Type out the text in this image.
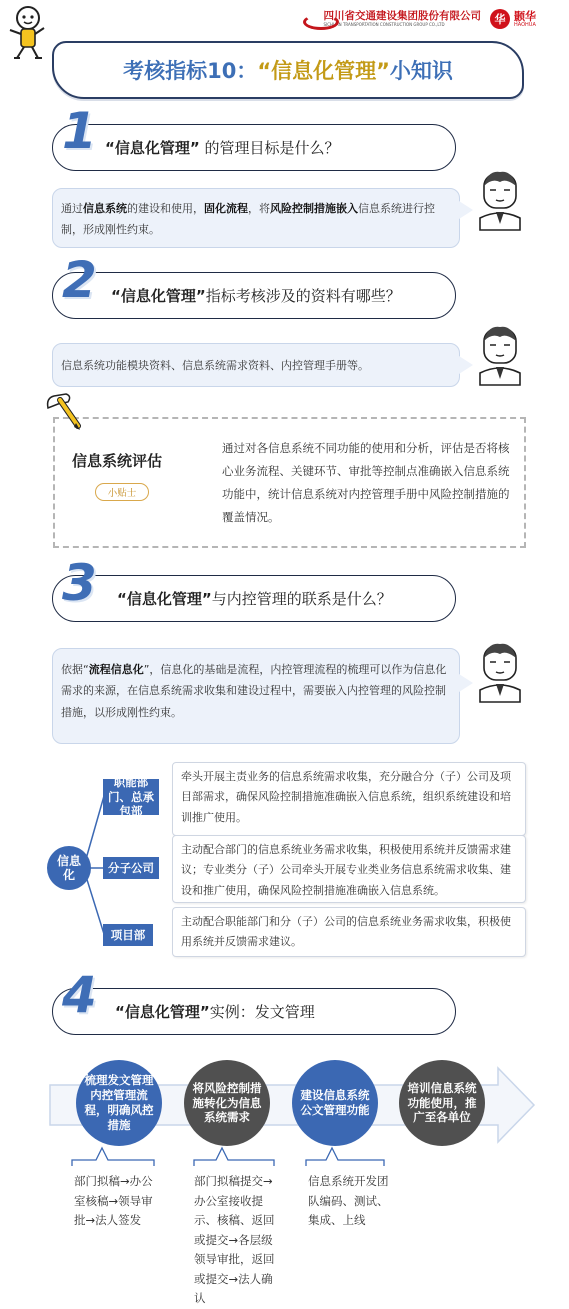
四川省交通建设集团股份有限公司
SICHUAN TRANSPORTATION CONSTRUCTION GROUP CO.,LTD	华 颢华
HAOHUA
考核指标10： “信息化管理” 小知识
“信息化管理” 的管理目标是什么？
1
通过信息系统的建设和使用，固化流程，将风险控制措施嵌入信息系统进行控制，形成刚性约束。
“信息化管理”指标考核涉及的资料有哪些？
2
信息系统功能模块资料、信息系统需求资料、内控管理手册等。
信息系统评估
小贴士
通过对各信息系统不同功能的使用和分析，评估是否将核心业务流程、关键环节、审批等控制点准确嵌入信息系统功能中，统计信息系统对内控管理手册中风险控制措施的覆盖情况。
“信息化管理”与内控管理的联系是什么？
3
依据“流程信息化”，信息化的基础是流程，内控管理流程的梳理可以作为信息化需求的来源，在信息系统需求收集和建设过程中，需要嵌入内控管理的风险控制措施，以形成刚性约束。
信息化
职能部门、总承包部
牵头开展主责业务的信息系统需求收集，充分融合分（子）公司及项目部需求，确保风险控制措施准确嵌入信息系统，组织系统建设和培训推广使用。
分子公司
主动配合部门的信息系统业务需求收集，积极使用系统并反馈需求建议；专业类分（子）公司牵头开展专业类业务信息系统需求收集、建设和推广使用，确保风险控制措施准确嵌入信息系统。
项目部
主动配合职能部门和分（子）公司的信息系统业务需求收集，积极使用系统并反馈需求建议。
“信息化管理”实例：发文管理
4
梳理发文管理内控管理流程，明确风控措施
将风险控制措施转化为信息系统需求
建设信息系统公文管理功能
培训信息系统功能使用，推广至各单位
部门拟稿→办公室核稿→领导审批→法人签发
部门拟稿提交→办公室接收提示、核稿、返回或提交→各层级领导审批，返回或提交→法人确认
信息系统开发团队编码、测试、集成、上线
